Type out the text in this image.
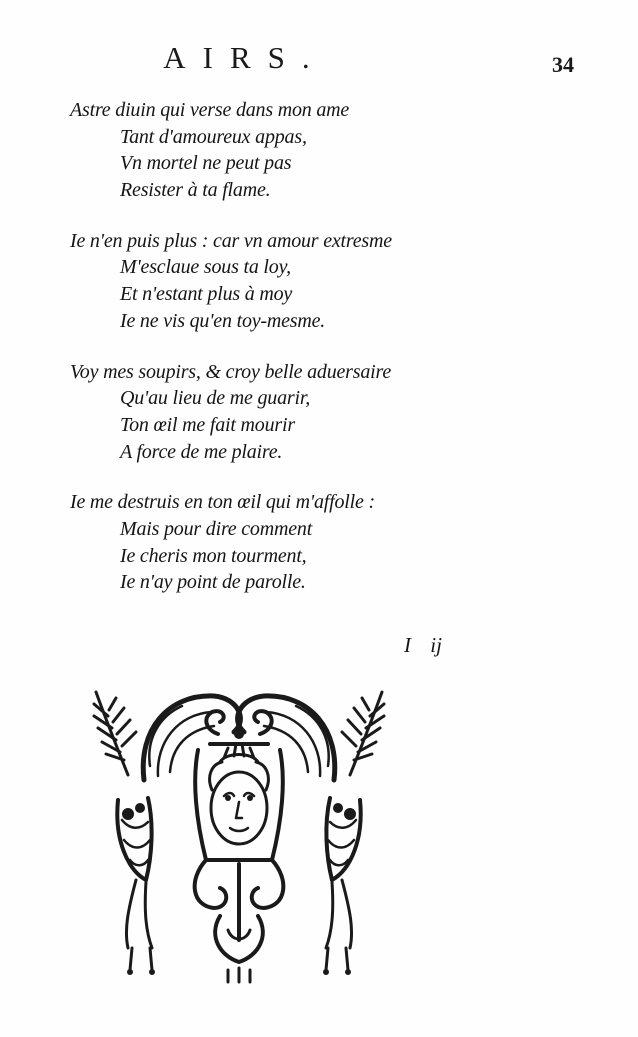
AIRS.	34
Astre diuin qui verse dans mon ame
Tant d'amoureux appas,
Vn mortel ne peut pas
Resister à ta flame.
Ie n'en puis plus : car vn amour extresme
M'esclaue sous ta loy,
Et n'estant plus à moy
Ie ne vis qu'en toy-mesme.
Voy mes soupirs, & croy belle aduersaire
Qu'au lieu de me guarir,
Ton œil me fait mourir
A force de me plaire.
Ie me destruis en ton œil qui m'affolle :
Mais pour dire comment
Ie cheris mon tourment,
Ie n'ay point de parolle.
I ij
